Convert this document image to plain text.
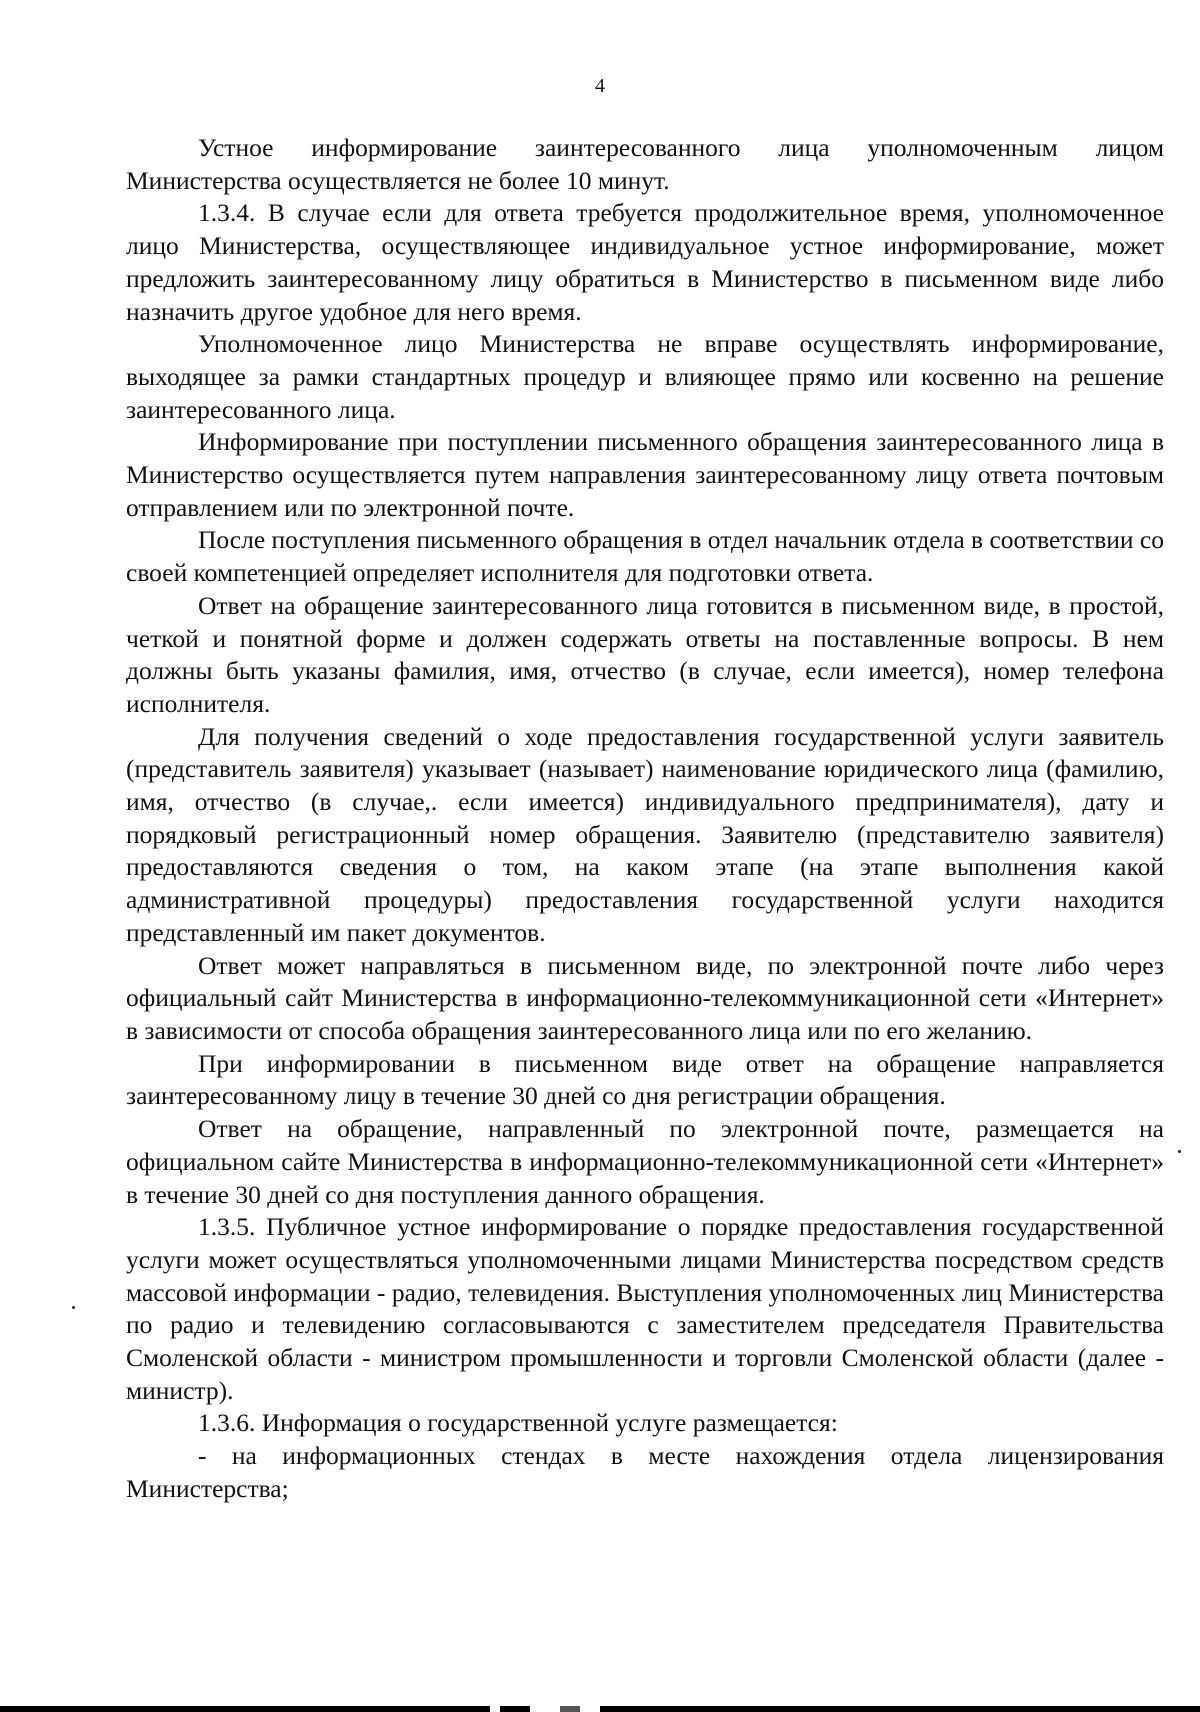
4

Устное информирование заинтересованного лица уполномоченным лицом Министерства осуществляется не более 10 минут.

1.3.4. В случае если для ответа требуется продолжительное время, уполномоченное лицо Министерства, осуществляющее индивидуальное устное информирование, может предложить заинтересованному лицу обратиться в Министерство в письменном виде либо назначить другое удобное для него время.

Уполномоченное лицо Министерства не вправе осуществлять информирование, выходящее за рамки стандартных процедур и влияющее прямо или косвенно на решение заинтересованного лица.

Информирование при поступлении письменного обращения заинтересованного лица в Министерство осуществляется путем направления заинтересованному лицу ответа почтовым отправлением или по электронной почте.

После поступления письменного обращения в отдел начальник отдела в соответствии со своей компетенцией определяет исполнителя для подготовки ответа.

Ответ на обращение заинтересованного лица готовится в письменном виде, в простой, четкой и понятной форме и должен содержать ответы на поставленные вопросы. В нем должны быть указаны фамилия, имя, отчество (в случае, если имеется), номер телефона исполнителя.

Для получения сведений о ходе предоставления государственной услуги заявитель (представитель заявителя) указывает (называет) наименование юридического лица (фамилию, имя, отчество (в случае,. если имеется) индивидуального предпринимателя), дату и порядковый регистрационный номер обращения. Заявителю (представителю заявителя) предоставляются сведения о том, на каком этапе (на этапе выполнения какой административной процедуры) предоставления государственной услуги находится представленный им пакет документов.

Ответ может направляться в письменном виде, по электронной почте либо через официальный сайт Министерства в информационно-телекоммуникационной сети «Интернет» в зависимости от способа обращения заинтересованного лица или по его желанию.

При информировании в письменном виде ответ на обращение направляется заинтересованному лицу в течение 30 дней со дня регистрации обращения.

Ответ на обращение, направленный по электронной почте, размещается на официальном сайте Министерства в информационно-телекоммуникационной сети «Интернет» в течение 30 дней со дня поступления данного обращения.

1.3.5. Публичное устное информирование о порядке предоставления государственной услуги может осуществляться уполномоченными лицами Министерства посредством средств массовой информации - радио, телевидения. Выступления уполномоченных лиц Министерства по радио и телевидению согласовываются с заместителем председателя Правительства Смоленской области - министром промышленности и торговли Смоленской области (далее - министр).

1.3.6. Информация о государственной услуге размещается:

- на информационных стендах в месте нахождения отдела лицензирования Министерства;
